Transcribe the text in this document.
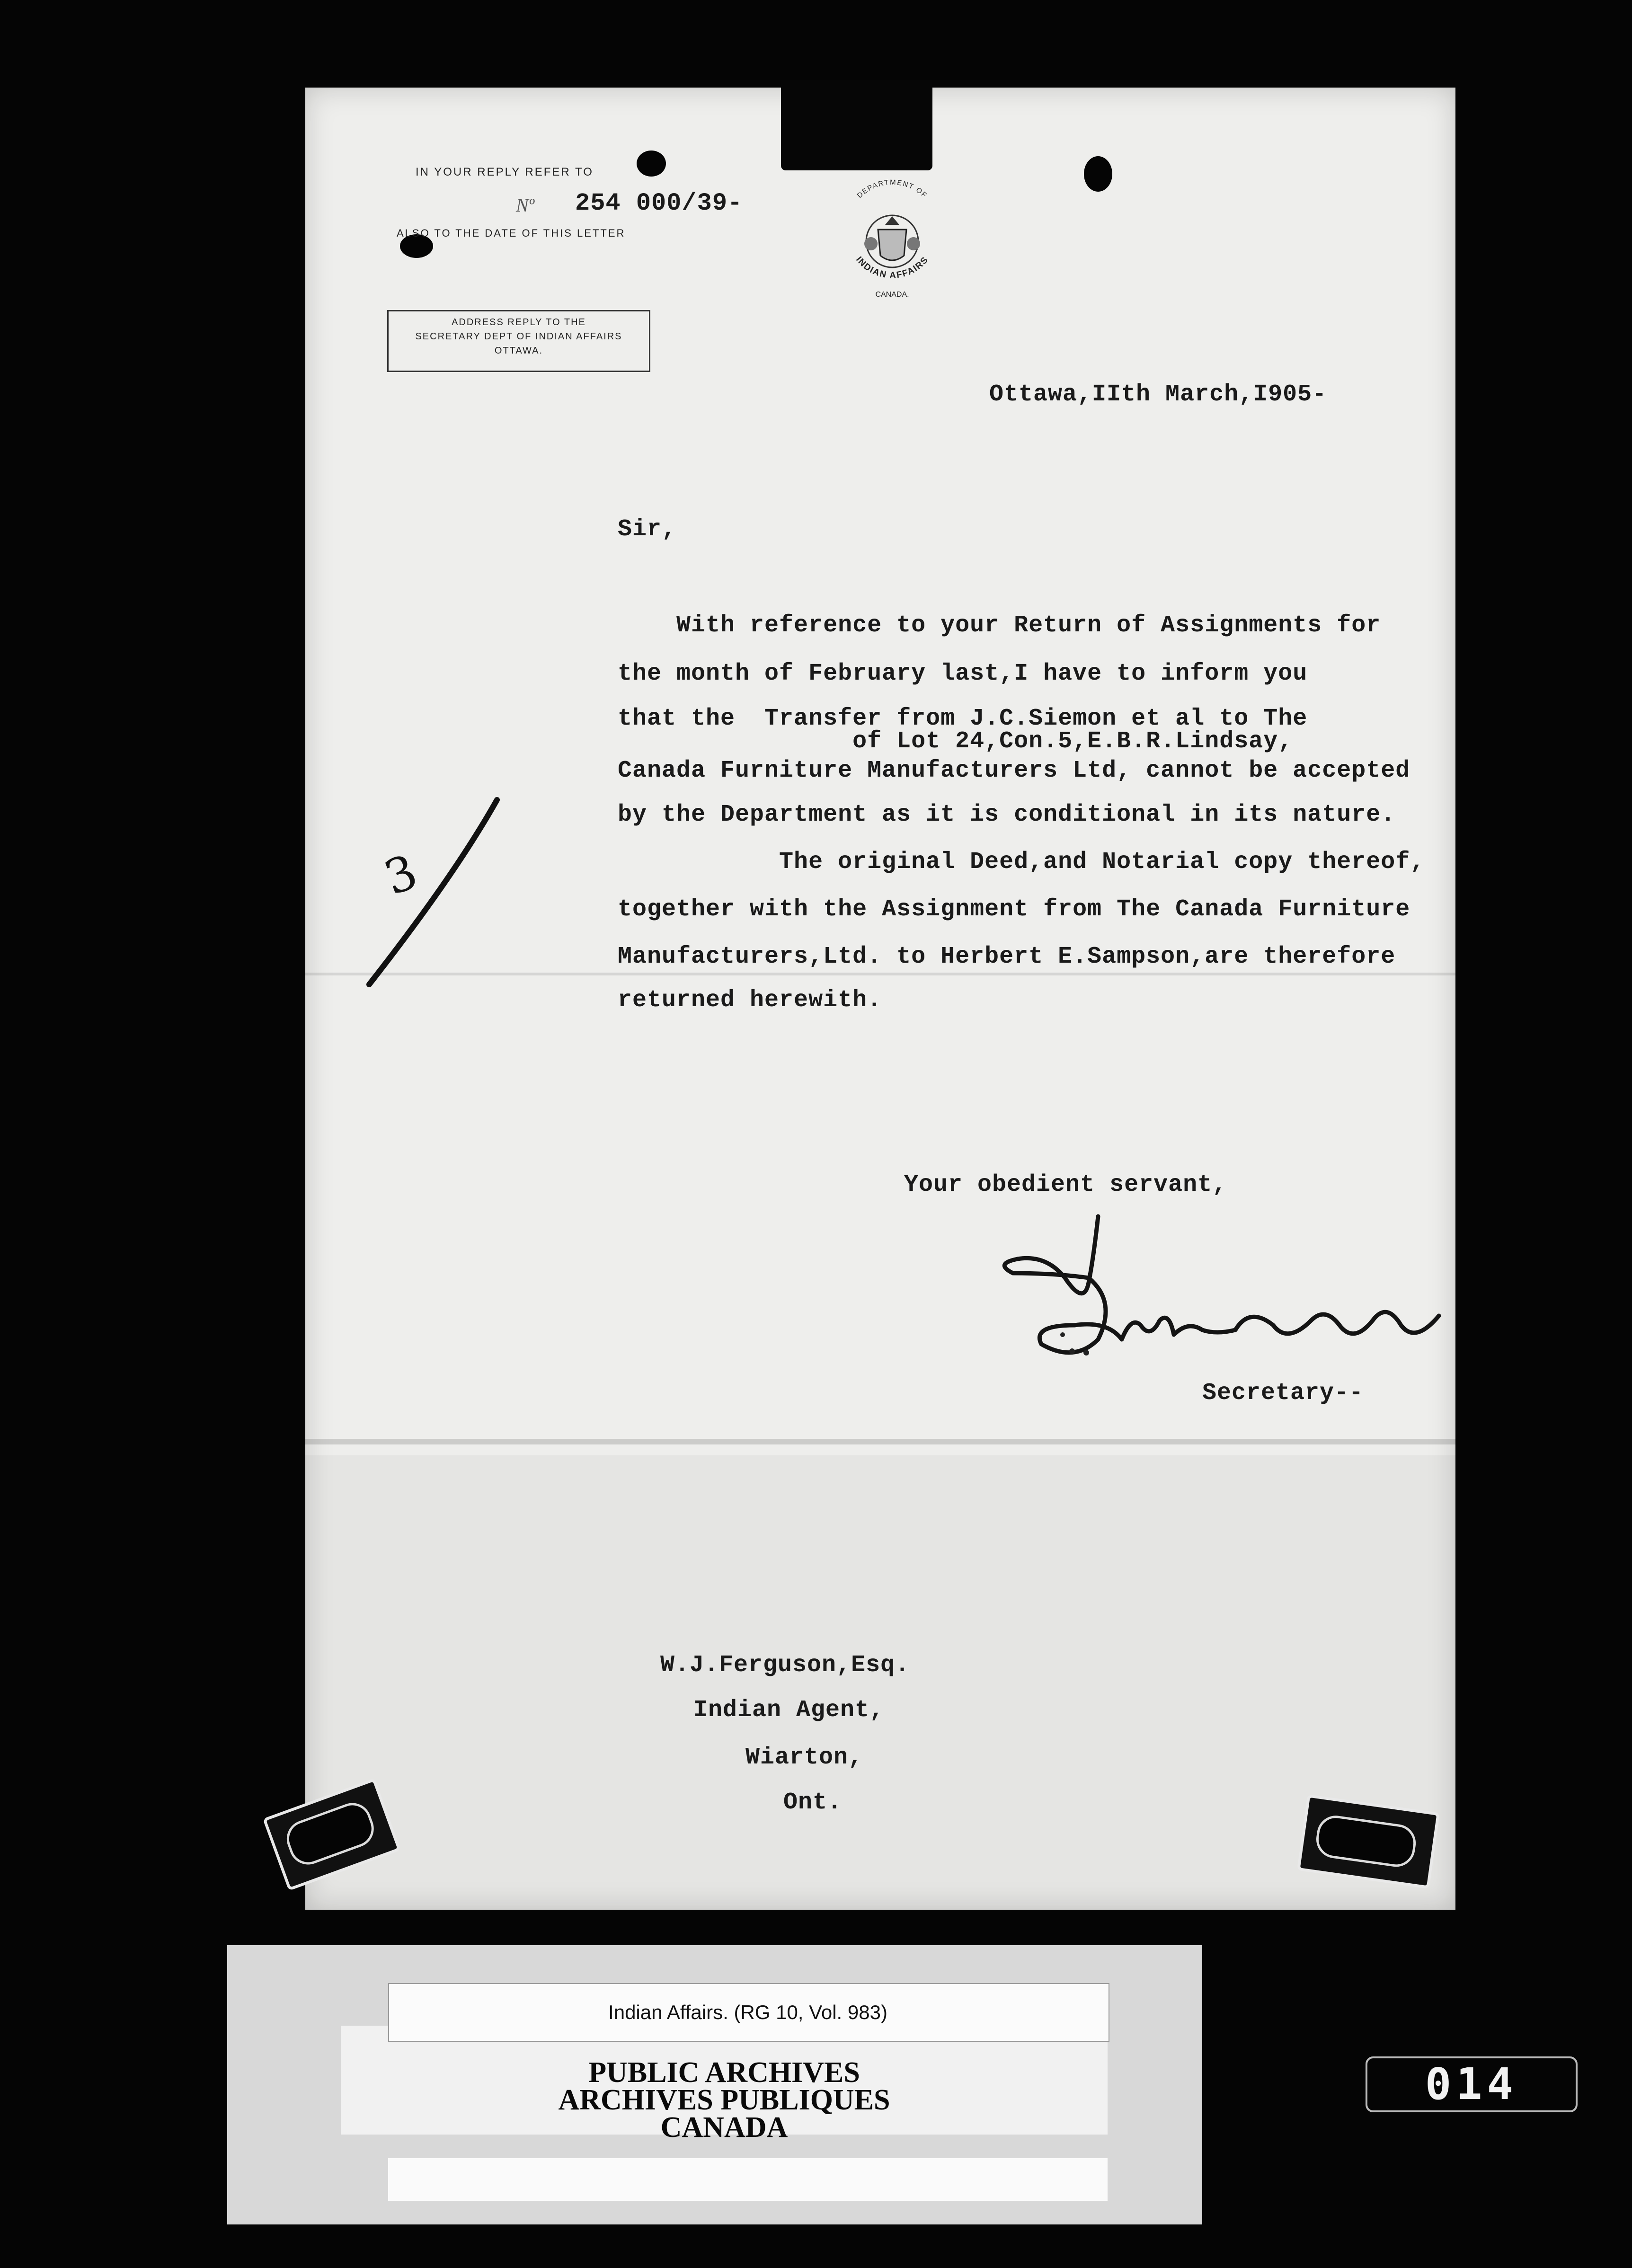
IN YOUR REPLY REFER TO
Nº 254 000/39-
ALSO TO THE DATE OF THIS LETTER
ADDRESS REPLY TO THE
SECRETARY DEPT OF INDIAN AFFAIRS
OTTAWA.
DEPARTMENT OF
INDIAN AFFAIRS
CANADA.
Ottawa,IIth March,I905-
Sir,
With reference to your Return of Assignments for
the month of February last,I have to inform you
that the  Transfer from J.C.Siemon et al to The
of Lot 24,Con.5,E.B.R.Lindsay,
Canada Furniture Manufacturers Ltd, cannot be accepted
by the Department as it is conditional in its nature.
The original Deed,and Notarial copy thereof,
together with the Assignment from The Canada Furniture
Manufacturers,Ltd. to Herbert E.Sampson,are therefore
returned herewith.
3
Your obedient servant,
Secretary--
W.J.Ferguson,Esq.
Indian Agent,
Wiarton,
Ont.
Indian Affairs. (RG 10, Vol. 983)
PUBLIC ARCHIVES
ARCHIVES PUBLIQUES
CANADA
014
